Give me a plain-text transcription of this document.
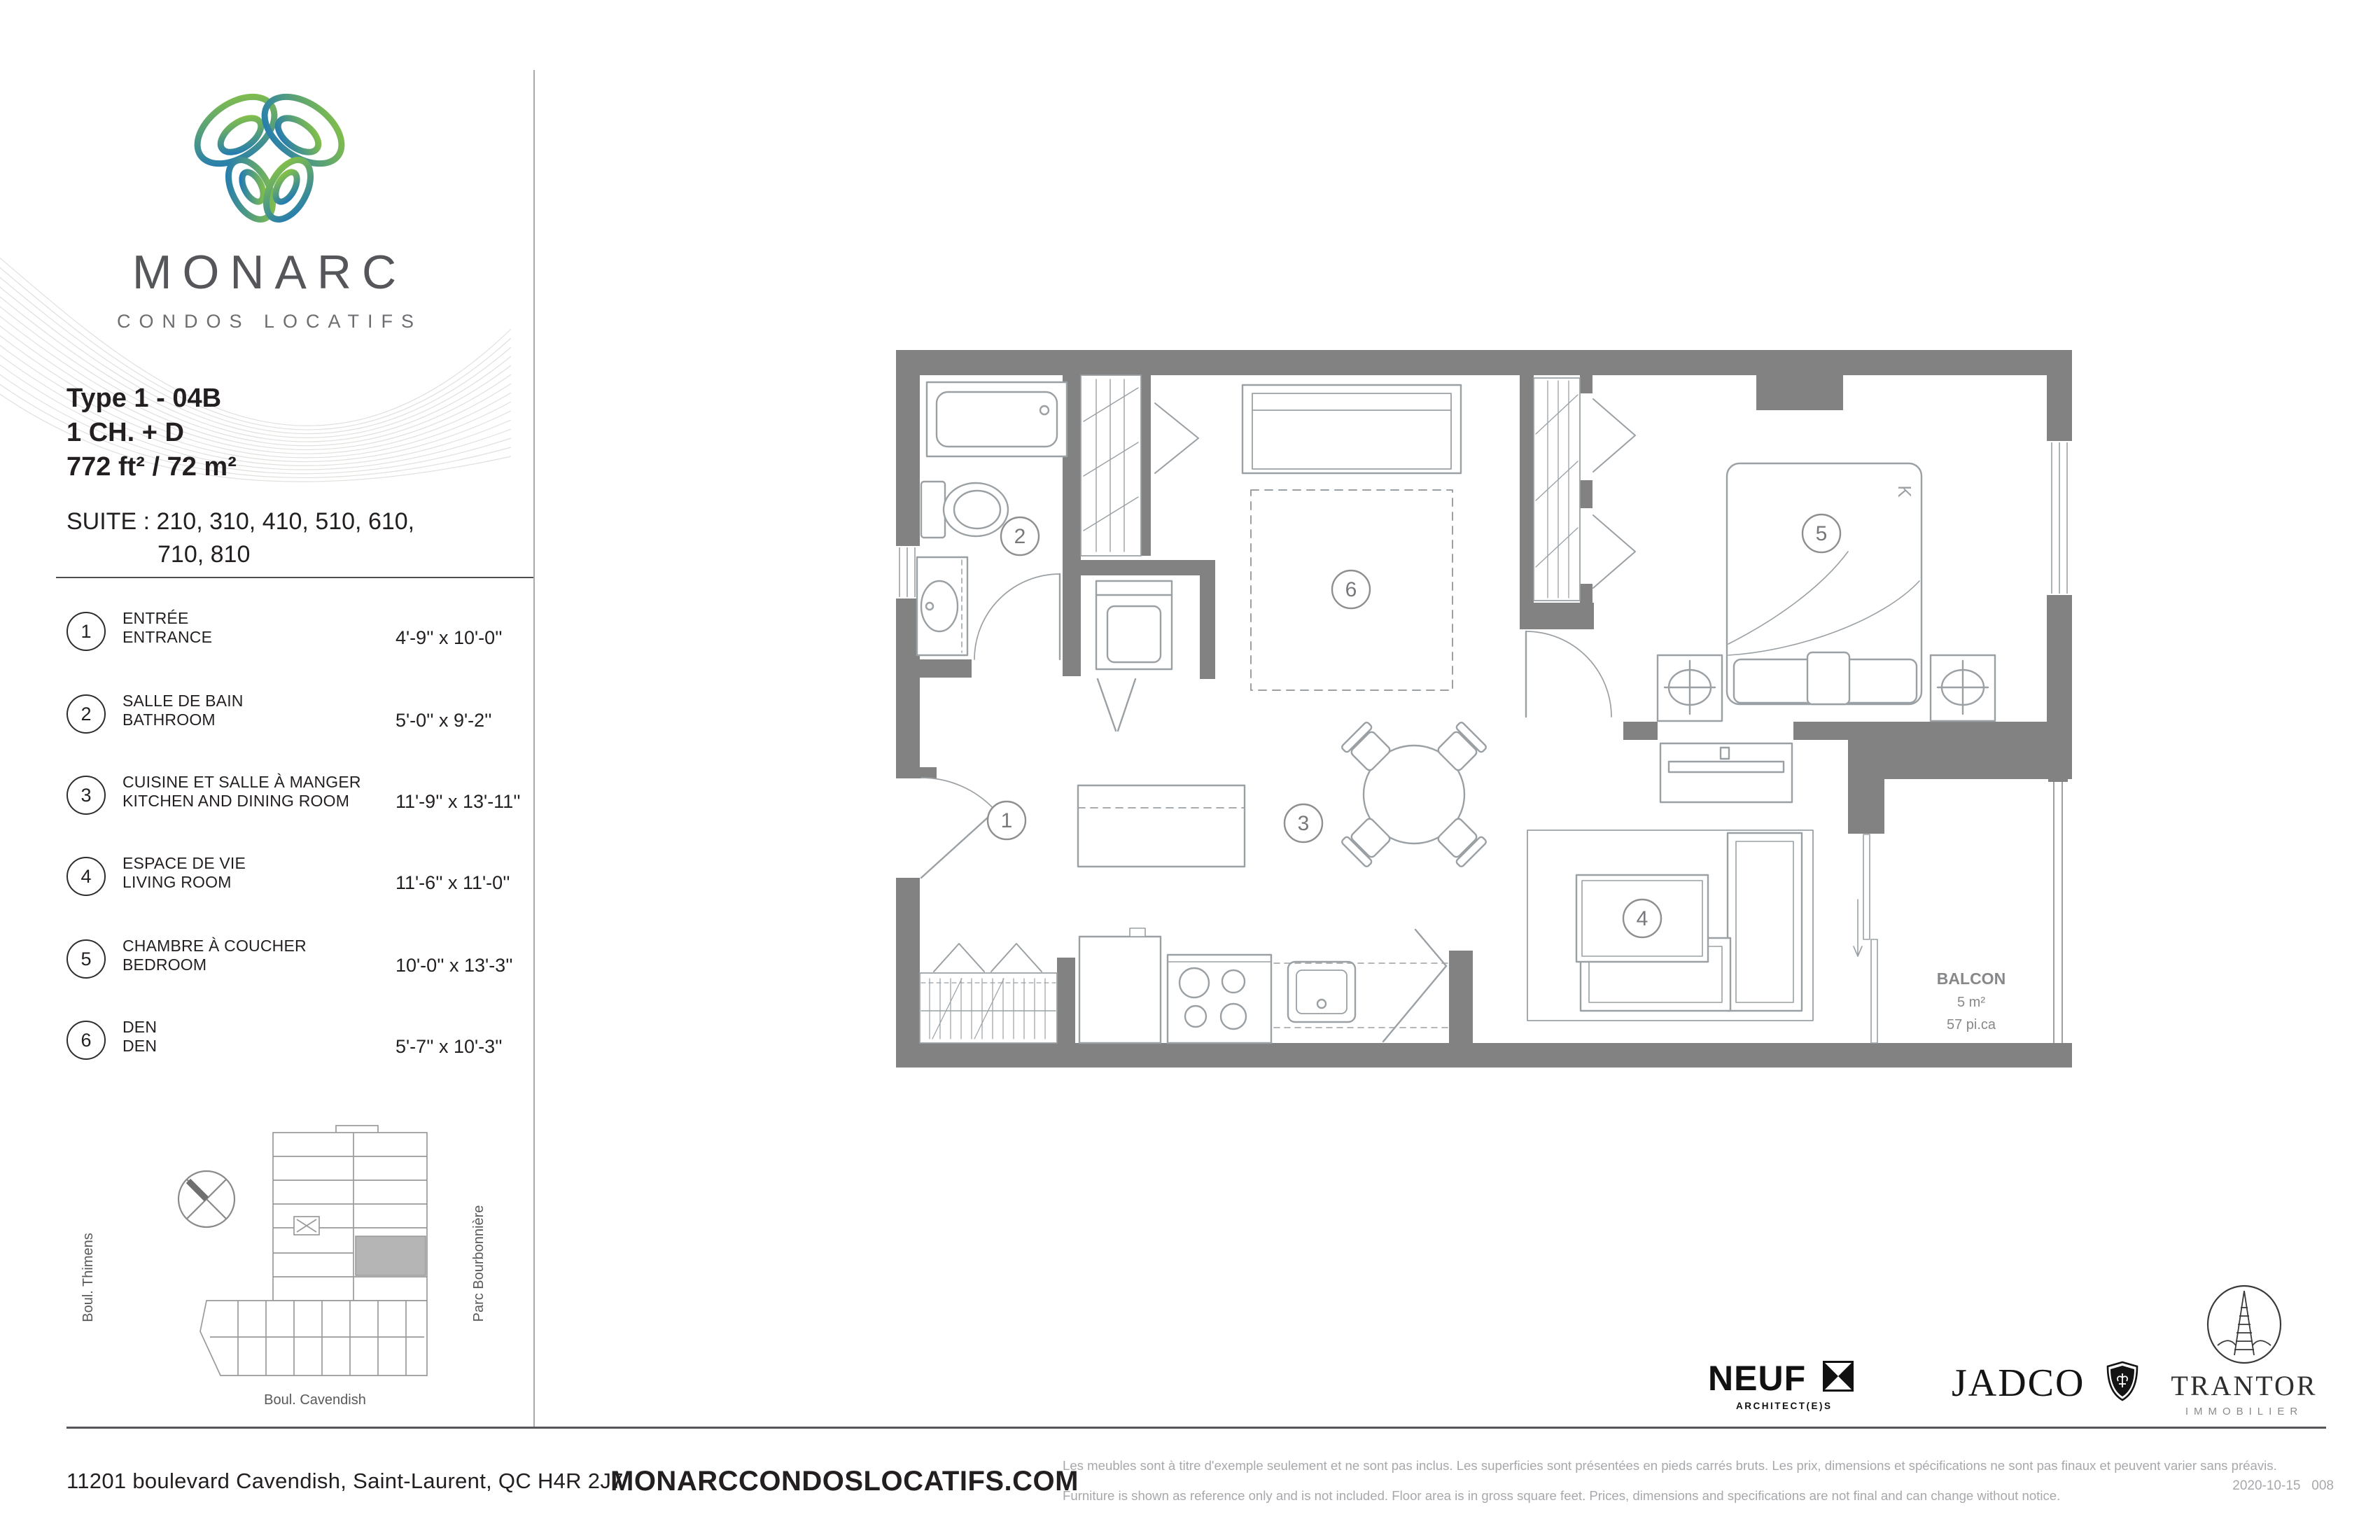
MONARC
CONDOS LOCATIFS
Type 1 - 04B
1 CH. + D
772 ft² / 72 m²
SUITE : 210, 310, 410, 510, 610,
710, 810
1
ENTRÉE
ENTRANCE	4'-9'' x 10'-0''
2
SALLE DE BAIN
BATHROOM	5'-0'' x 9'-2''
3
CUISINE ET SALLE À MANGER
KITCHEN AND DINING ROOM	11'-9'' x 13'-11''
4
ESPACE DE VIE
LIVING ROOM	11'-6'' x 11'-0''
5
CHAMBRE À COUCHER
BEDROOM	10'-0'' x 13'-3''
6
DEN
DEN	5'-7'' x 10'-3''
Boul. Thimens	Parc Bourbonnière
Boul. Cavendish
1
2
3
4
5
6
K
BALCON
5 m²
57 pi.ca
NEUF
ARCHITECT(E)S
JADCO	TRANTOR
IMMOBILIER
11201 boulevard Cavendish, Saint-Laurent, QC H4R 2J7
MONARCCONDOSLOCATIFS.COM
Les meubles sont à titre d'exemple seulement et ne sont pas inclus. Les superficies sont présentées en pieds carrés bruts. Les prix, dimensions et spécifications ne sont pas finaux et peuvent varier sans préavis.
Furniture is shown as reference only and is not included. Floor area is in gross square feet. Prices, dimensions and specifications are not final and can change without notice.
2020-10-15   008
